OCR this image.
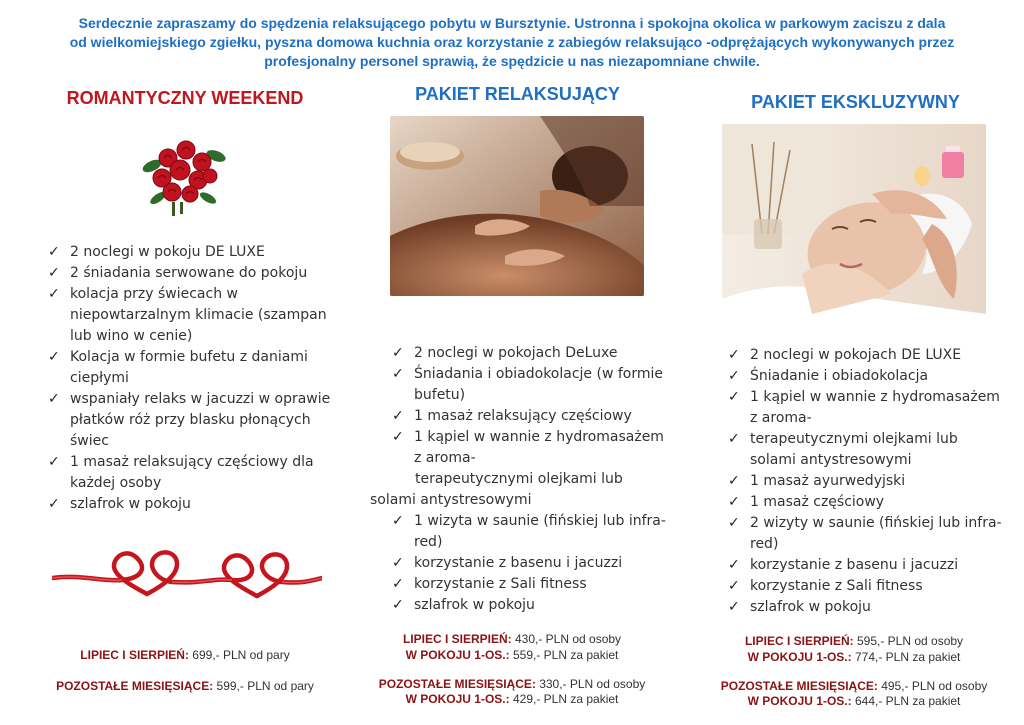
Serdecznie zapraszamy do spędzenia relaksującego pobytu w Bursztynie. Ustronna i spokojna okolica w parkowym zaciszu z dala
od wielkomiejskiego zgiełku, pyszna domowa kuchnia oraz korzystanie z zabiegów relaksująco -odprężających wykonywanych przez
profesjonalny personel sprawią, że spędzicie u nas niezapomniane chwile.
ROMANTYCZNY WEEKEND
✓ 2 noclegi w pokoju DE LUXE
✓ 2 śniadania serwowane do pokoju
✓ kolacja przy świecach w
niepowtarzalnym klimacie (szampan
lub wino w cenie)
✓ Kolacja w formie bufetu z daniami
ciepłymi
✓ wspaniały relaks w jacuzzi w oprawie
płatków róż przy blasku płonących
świec
✓ 1 masaż relaksujący częściowy dla
każdej osoby
✓ szlafrok w pokoju
LIPIEC I SIERPIEŃ: 699,- PLN od pary
POZOSTAŁE MIESIĘSIĄCE: 599,- PLN od pary
PAKIET RELAKSUJĄCY
✓ 2 noclegi w pokojach DeLuxe
✓ Śniadania i obiadokolacje (w formie
bufetu)
✓ 1 masaż relaksujący częściowy
✓ 1 kąpiel w wannie z hydromasażem
z aroma-
terapeutycznymi olejkami lub
solami antystresowymi
✓ 1 wizyta w saunie (fińskiej lub infra-
red)
✓ korzystanie z basenu i jacuzzi
✓ korzystanie z Sali fitness
✓ szlafrok w pokoju
LIPIEC I SIERPIEŃ: 430,- PLN od osoby
W POKOJU 1-OS.: 559,- PLN za pakiet
POZOSTAŁE MIESIĘSIĄCE: 330,- PLN od osoby
W POKOJU 1-OS.: 429,- PLN za pakiet
PAKIET EKSKLUZYWNY
✓ 2 noclegi w pokojach DE LUXE
✓ Śniadanie i obiadokolacja
✓ 1 kąpiel w wannie z hydromasażem
z aroma-
✓ terapeutycznymi olejkami lub
solami antystresowymi
✓ 1 masaż ayurwedyjski
✓ 1 masaż częściowy
✓ 2 wizyty w saunie (fińskiej lub infra-
red)
✓ korzystanie z basenu i jacuzzi
✓ korzystanie z Sali fitness
✓ szlafrok w pokoju
LIPIEC I SIERPIEŃ: 595,- PLN od osoby
W POKOJU 1-OS.: 774,- PLN za pakiet
POZOSTAŁE MIESIĘSIĄCE: 495,- PLN od osoby
W POKOJU 1-OS.: 644,- PLN za pakiet
